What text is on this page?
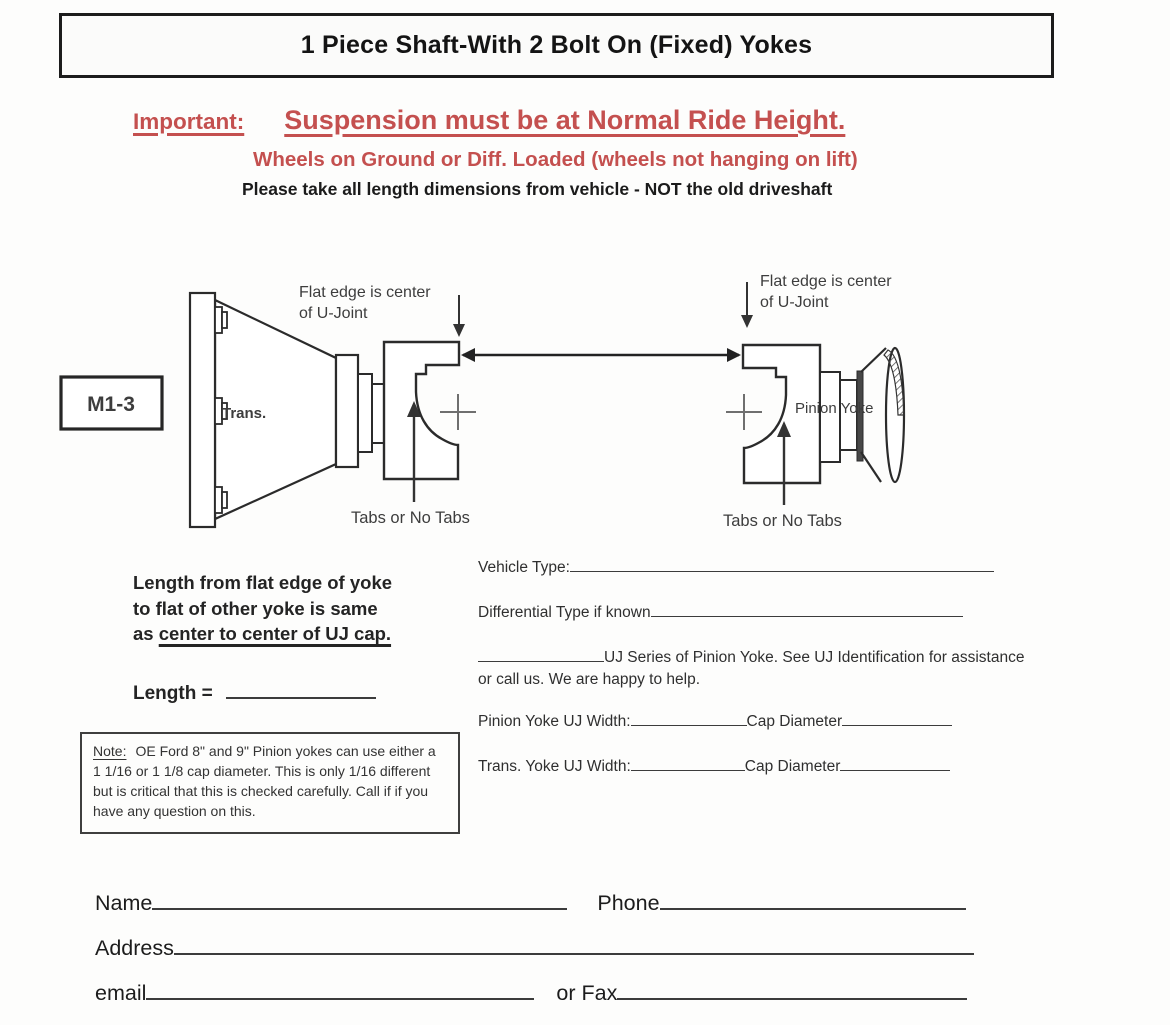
1 Piece Shaft-With 2 Bolt On (Fixed) Yokes
Important: Suspension must be at Normal Ride Height.
Wheels on Ground or Diff. Loaded (wheels not hanging on lift)
Please take all length dimensions from vehicle - NOT the old driveshaft
M1-3
Flat edge is center
of U-Joint
Flat edge is center
of U-Joint
Trans.	Pinion Yoke
Tabs or No Tabs	Tabs or No Tabs
Length from flat edge of yoke
to flat of other yoke is same
as center to center of UJ cap.
Length =
Note: OE Ford 8" and 9" Pinion yokes can use either a 1 1/16 or 1 1/8 cap diameter. This is only 1/16 different but is critical that this is checked carefully. Call if if you have any question on this.
Vehicle Type:
Differential Type if known
UJ Series of Pinion Yoke. See UJ Identification for assistance or call us. We are happy to help.
Pinion Yoke UJ Width:	Cap Diameter
Trans. Yoke UJ Width:	Cap Diameter
Name	Phone
Address
email	or Fax
